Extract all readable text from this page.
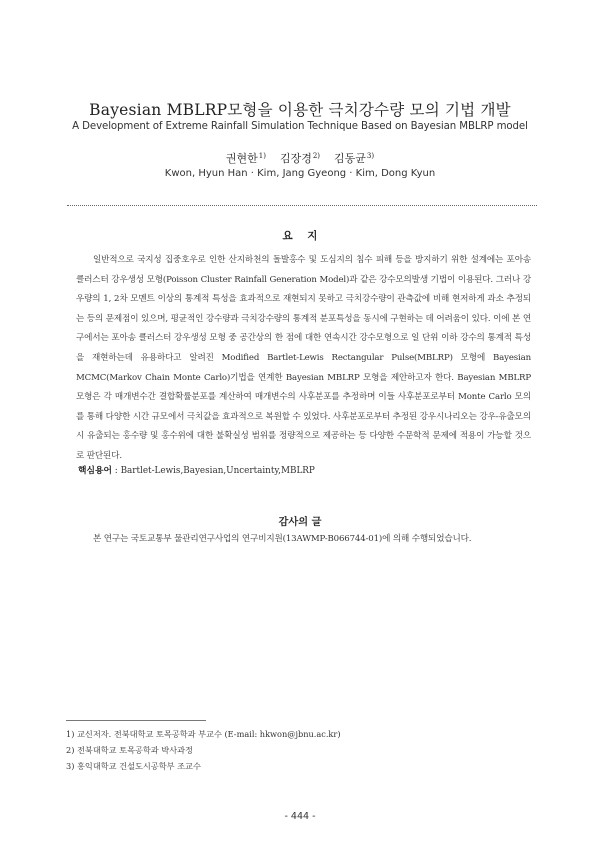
Bayesian MBLRP모형을 이용한 극치강수량 모의 기법 개발
A Development of Extreme Rainfall Simulation Technique Based on Bayesian MBLRP model
권현한$^{1)}$ 김장경$^{2)}$ 김동균$^{3)}$
Kwon, Hyun Han · Kim, Jang Gyeong · Kim, Dong Kyun
요    지

일반적으로 국지성 집중호우로 인한 산지하천의 돌발홍수 및 도심지의 침수 피해 등을 방지하기 위한 설계에는 포아송 클러스터 강우생성 모형(Poisson Cluster Rainfall Generation Model)과 같은 강수모의발생 기법이 이용된다. 그러나 강우량의 1, 2차 모멘트 이상의 통계적 특성을 효과적으로 재현되지 못하고 극치강수량이 관측값에 비해 현저하게 과소 추정되는 등의 문제점이 있으며, 평균적인 강수량과 극치강수량의 통계적 분포특성을 동시에 구현하는 데 어려움이 있다. 이에 본 연구에서는 포아송 클러스터 강우생성 모형 중 공간상의 한 점에 대한 연속시간 강수모형으로 일 단위 이하 강수의 통계적 특성을 재현하는데 유용하다고 알려진 Modified Bartlet-Lewis Rectangular Pulse(MBLRP) 모형에 Bayesian MCMC(Markov Chain Monte Carlo)기법을 연계한 Bayesian MBLRP 모형을 제안하고자 한다. Bayesian MBLRP 모형은 각 매개변수간 결합확률분포를 계산하여 매개변수의 사후분포를 추정하며 이들 사후분포로부터 Monte Carlo 모의를 통해 다양한 시간 규모에서 극치값을 효과적으로 복원할 수 있었다. 사후분포로부터 추정된 강우시나리오는 강우-유출모의 시 유출되는 홍수량 및 홍수위에 대한 불확실성 범위를 정량적으로 제공하는 등 다양한 수문학적 문제에 적용이 가능할 것으로 판단된다.

핵심용어 : Bartlet-Lewis,Bayesian,Uncertainty,MBLRP
감사의 글

본 연구는 국토교통부 물관리연구사업의 연구비지원(13AWMP-B066744-01)에 의해 수행되었습니다.

1) 교신저자. 전북대학교 토목공학과 부교수 (E-mail: hkwon@jbnu.ac.kr)
2) 전북대학교 토목공학과 박사과정
3) 홍익대학교 건설도시공학부 조교수
- 444 -
